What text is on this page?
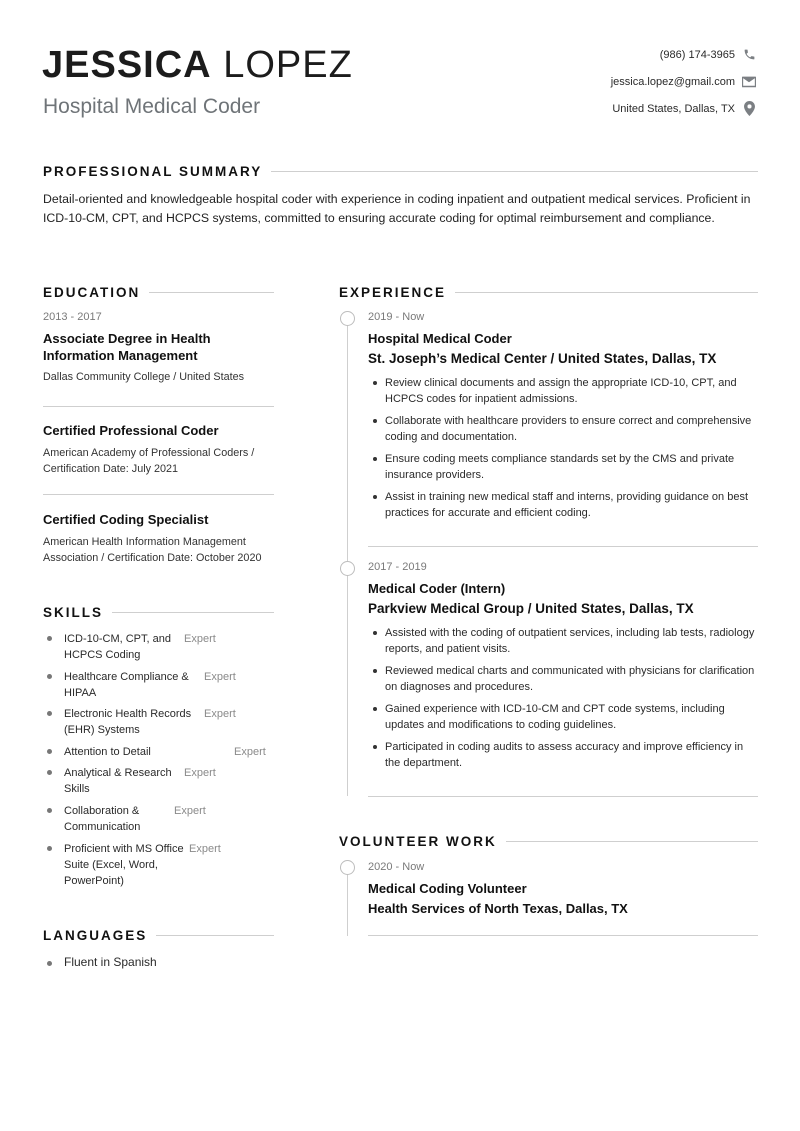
JESSICA LOPEZ
Hospital Medical Coder
(986) 174-3965
jessica.lopez@gmail.com
United States, Dallas, TX
PROFESSIONAL SUMMARY
Detail-oriented and knowledgeable hospital coder with experience in coding inpatient and outpatient medical services. Proficient in ICD-10-CM, CPT, and HCPCS systems, committed to ensuring accurate coding for optimal reimbursement and compliance.
EDUCATION
2013 - 2017
Associate Degree in Health Information Management
Dallas Community College / United States
Certified Professional Coder
American Academy of Professional Coders / Certification Date: July 2021
Certified Coding Specialist
American Health Information Management Association / Certification Date: October 2020
SKILLS
ICD-10-CM, CPT, and HCPCS Coding
Expert
Healthcare Compliance & HIPAA
Expert
Electronic Health Records (EHR) Systems
Expert
Attention to Detail	Expert
Analytical & Research Skills
Expert
Collaboration & Communication
Expert
Proficient with MS Office Suite (Excel, Word, PowerPoint)
Expert
LANGUAGES
Fluent in Spanish
EXPERIENCE
2019 - Now
Hospital Medical Coder
St. Joseph’s Medical Center / United States, Dallas, TX
Review clinical documents and assign the appropriate ICD-10, CPT, and HCPCS codes for inpatient admissions.
Collaborate with healthcare providers to ensure correct and comprehensive coding and documentation.
Ensure coding meets compliance standards set by the CMS and private insurance providers.
Assist in training new medical staff and interns, providing guidance on best practices for accurate and efficient coding.
2017 - 2019
Medical Coder (Intern)
Parkview Medical Group / United States, Dallas, TX
Assisted with the coding of outpatient services, including lab tests, radiology reports, and patient visits.
Reviewed medical charts and communicated with physicians for clarification on diagnoses and procedures.
Gained experience with ICD-10-CM and CPT code systems, including updates and modifications to coding guidelines.
Participated in coding audits to assess accuracy and improve efficiency in the department.
VOLUNTEER WORK
2020 - Now
Medical Coding Volunteer
Health Services of North Texas, Dallas, TX
